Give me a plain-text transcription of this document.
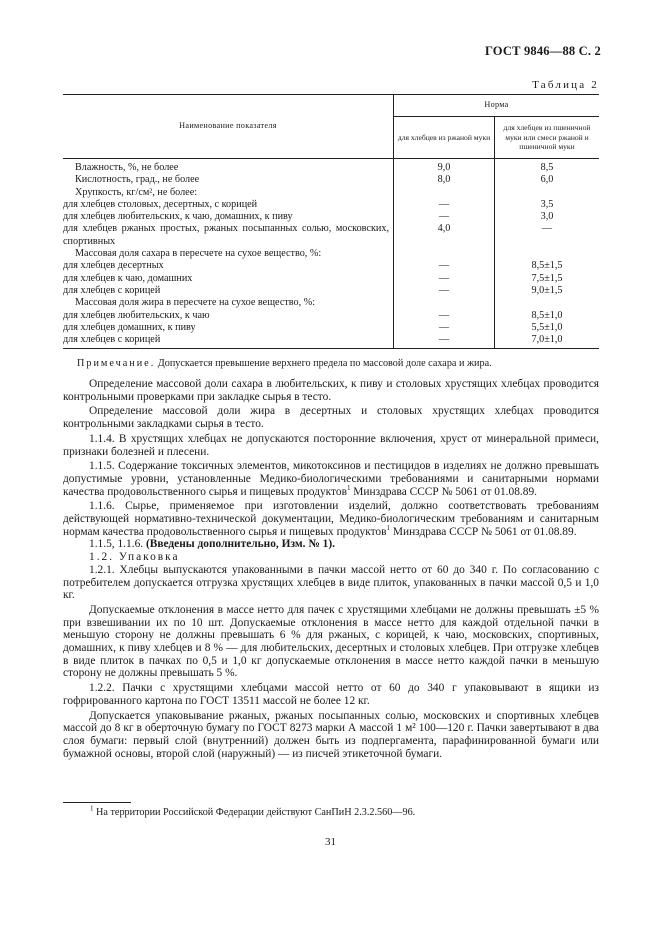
ГОСТ 9846—88 С. 2
Таблица 2
Наименование показателя	Норма	
	для хлебцев из ржаной муки	для хлебцев из пшеничной муки или смеси ржаной и пшеничной муки
Влажность, %, не более	9,0	8,5
Кислотность, град., не более	8,0	6,0
Хрупкость, кг/см², не более:		
для хлебцев столовых, десертных, с корицей	—	3,5
для хлебцев любительских, к чаю, домашних, к пиву	—	3,0
для хлебцев ржаных простых, ржаных посыпанных солью, московских, спортивных	4,0	—
Массовая доля сахара в пересчете на сухое вещество, %:		
для хлебцев десертных	—	8,5±1,5
для хлебцев к чаю, домашних	—	7,5±1,5
для хлебцев с корицей	—	9,0±1,5
Массовая доля жира в пересчете на сухое вещество, %:		
для хлебцев любительских, к чаю	—	8,5±1,0
для хлебцев домашних, к пиву	—	5,5±1,0
для хлебцев с корицей	—	7,0±1,0
Примечание. Допускается превышение верхнего предела по массовой доле сахара и жира.

Определение массовой доли сахара в любительских, к пиву и столовых хрустящих хлебцах проводится контрольными проверками при закладке сырья в тесто.

Определение массовой доли жира в десертных и столовых хрустящих хлебцах проводится контрольными закладками сырья в тесто.

1.1.4. В хрустящих хлебцах не допускаются посторонние включения, хруст от минеральной примеси, признаки болезней и плесени.

1.1.5. Содержание токсичных элементов, микотоксинов и пестицидов в изделиях не должно превышать допустимые уровни, установленные Медико-биологическими требованиями и санитарными нормами качества продовольственного сырья и пищевых продуктов$^1$ Минздрава СССР № 5061 от 01.08.89.

1.1.6. Сырье, применяемое при изготовлении изделий, должно соответствовать требованиям действующей нормативно-технической документации, Медико-биологическим требованиям и санитарным нормам качества продовольственного сырья и пищевых продуктов$^1$ Минздрава СССР № 5061 от 01.08.89.

1.1.5, 1.1.6. (Введены дополнительно, Изм. № 1).

1.2. Упаковка

1.2.1. Хлебцы выпускаются упакованными в пачки массой нетто от 60 до 340 г. По согласованию с потребителем допускается отгрузка хрустящих хлебцев в виде плиток, упакованных в пачки массой 0,5 и 1,0 кг.

Допускаемые отклонения в массе нетто для пачек с хрустящими хлебцами не должны превышать ±5 % при взвешивании их по 10 шт. Допускаемые отклонения в массе нетто для каждой отдельной пачки в меньшую сторону не должны превышать 6 % для ржаных, с корицей, к чаю, московских, спортивных, домашних, к пиву хлебцев и 8 % — для любительских, десертных и столовых хлебцев. При отгрузке хлебцев в виде плиток в пачках по 0,5 и 1,0 кг допускаемые отклонения в массе нетто каждой пачки в меньшую сторону не должны превышать 5 %.

1.2.2. Пачки с хрустящими хлебцами массой нетто от 60 до 340 г упаковывают в ящики из гофрированного картона по ГОСТ 13511 массой не более 12 кг.

Допускается упаковывание ржаных, ржаных посыпанных солью, московских и спортивных хлебцев массой до 8 кг в оберточную бумагу по ГОСТ 8273 марки А массой 1 м² 100—120 г. Пачки завертывают в два слоя бумаги: первый слой (внутренний) должен быть из подпергамента, парафинированной бумаги или бумажной основы, второй слой (наружный) — из писчей этикеточной бумаги.

$^1$ На территории Российской Федерации действуют СанПиН 2.3.2.560—96.
31
